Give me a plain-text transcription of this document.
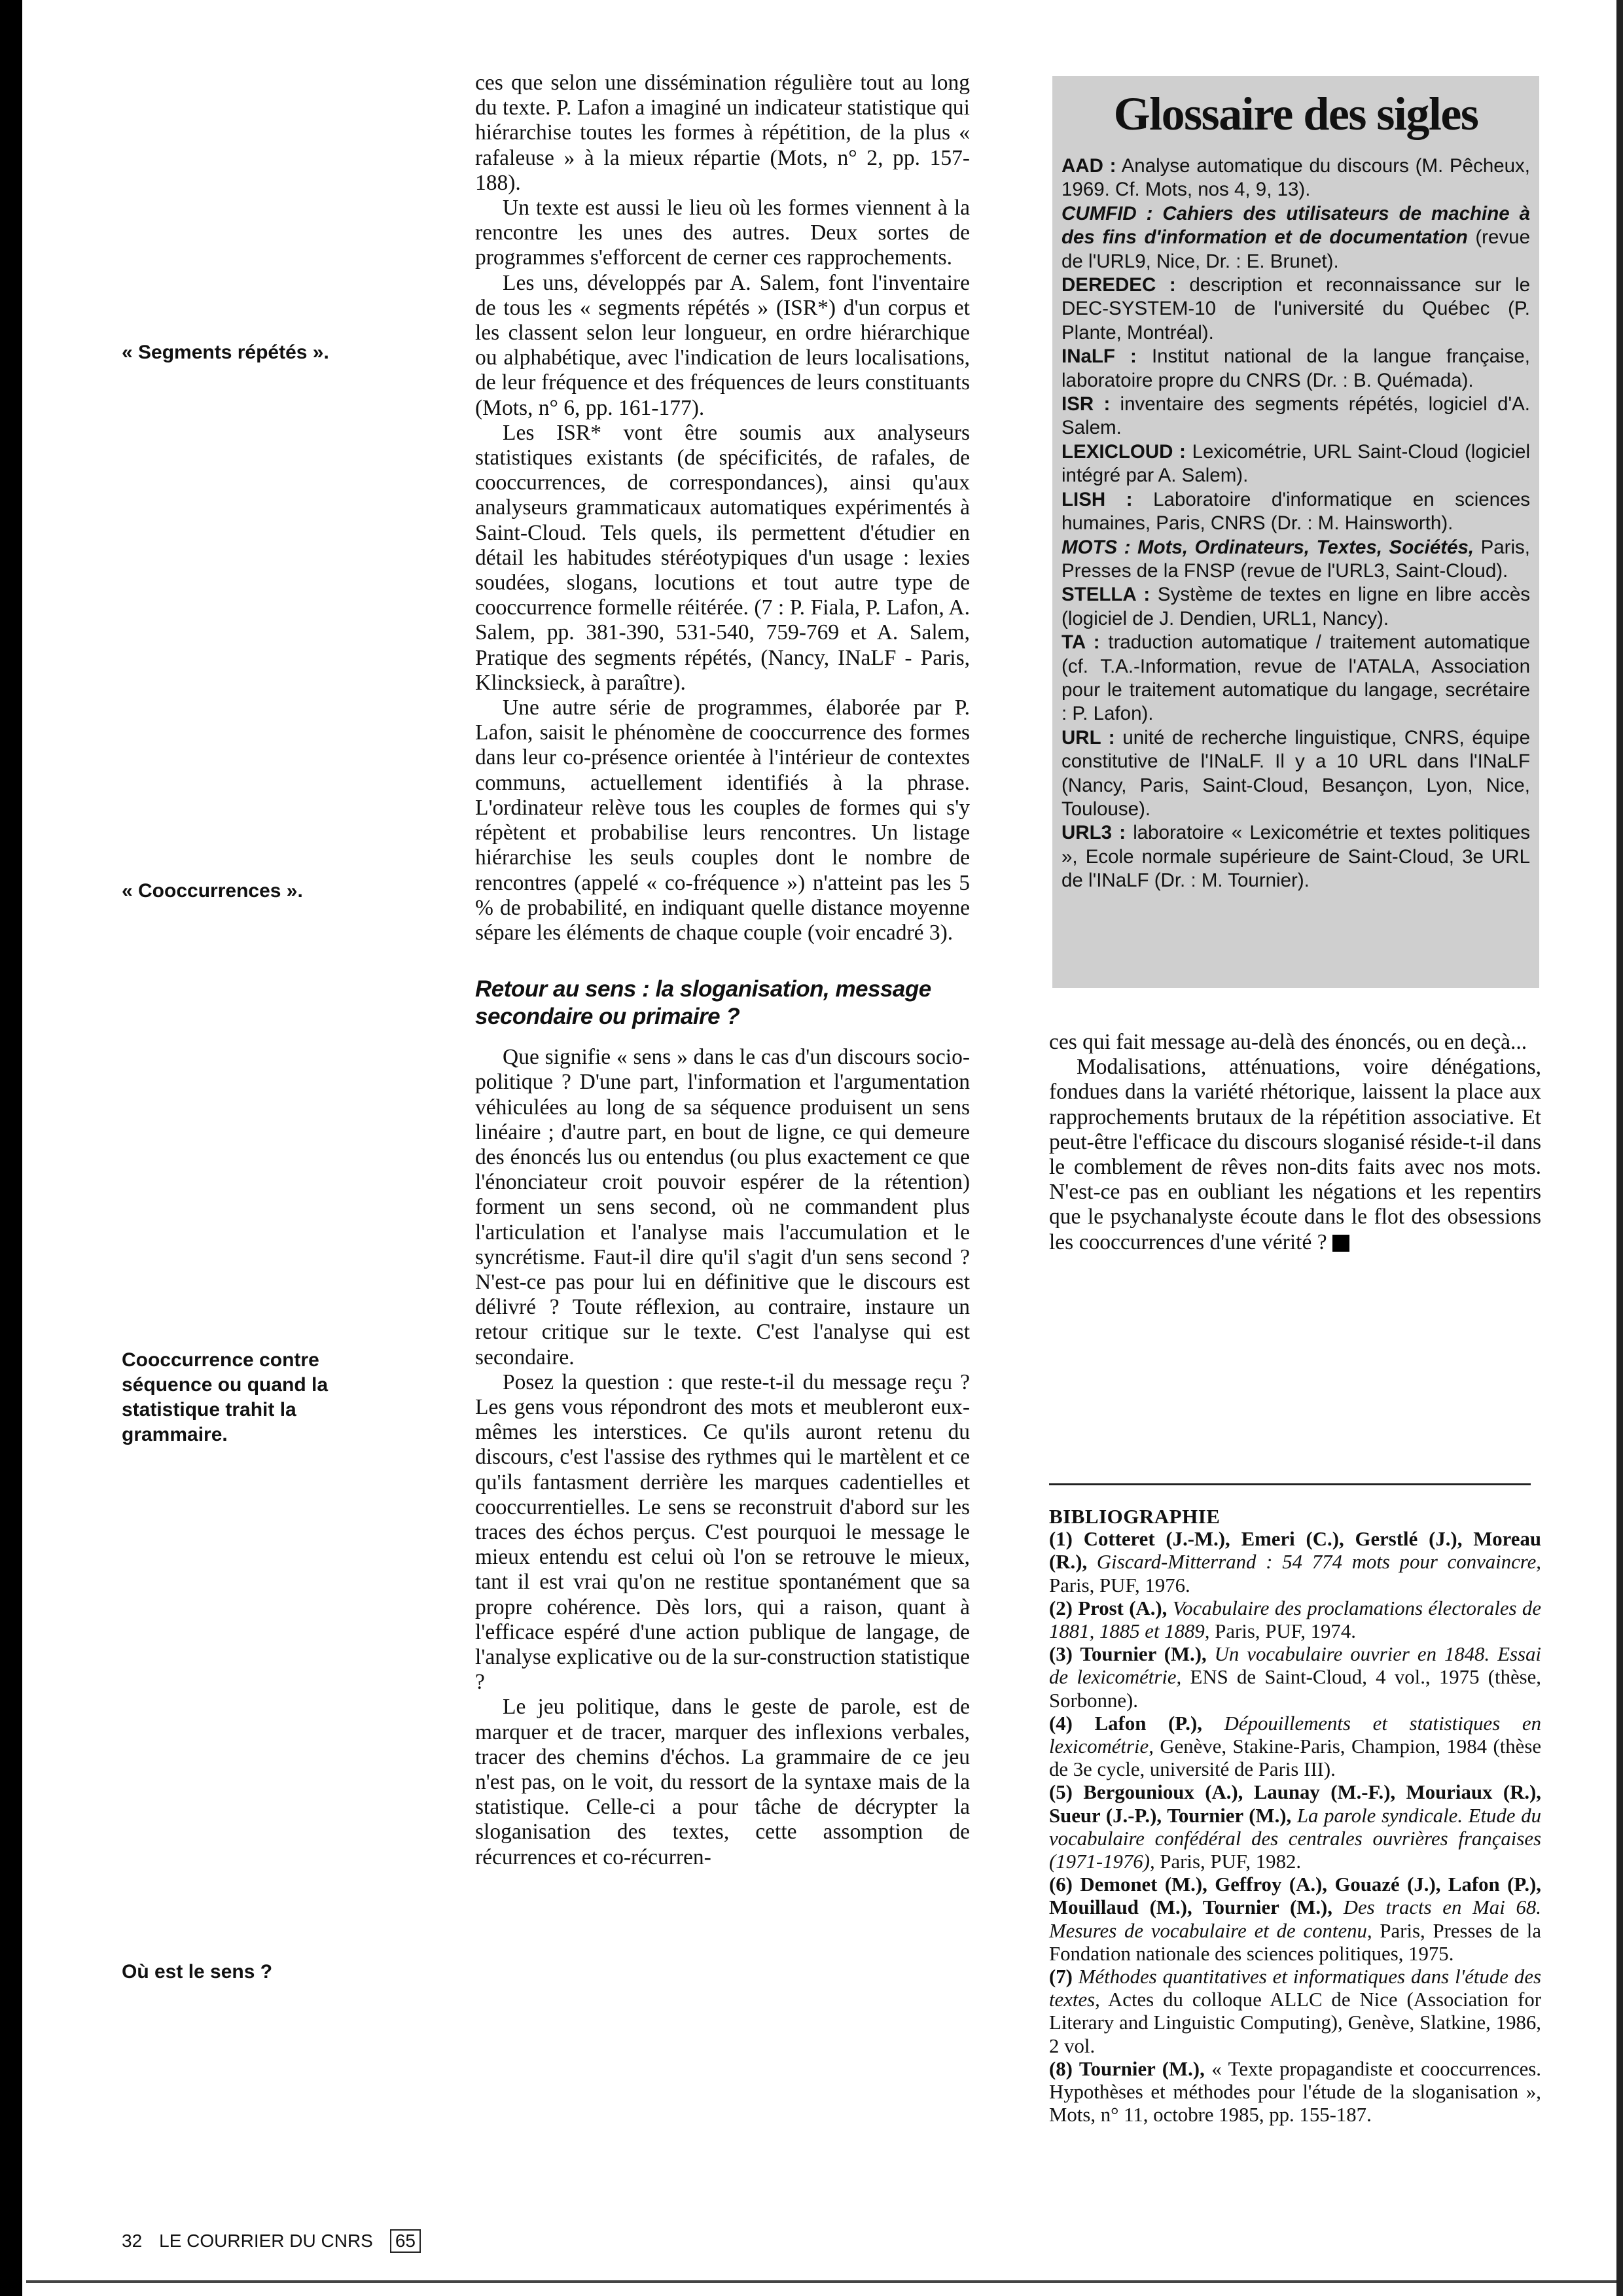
« Segments répétés ».
« Cooccurrences ».
Cooccurrence contre séquence ou quand la statistique trahit la grammaire.
Où est le sens ?

ces que selon une dissémination régulière tout au long du texte. P. Lafon a imaginé un indicateur statistique qui hiérarchise toutes les formes à répétition, de la plus « rafaleuse » à la mieux répartie (Mots, n° 2, pp. 157-188).

Un texte est aussi le lieu où les formes viennent à la rencontre les unes des autres. Deux sortes de programmes s'efforcent de cerner ces rapprochements.

Les uns, développés par A. Salem, font l'inventaire de tous les « segments répétés » (ISR*) d'un corpus et les classent selon leur longueur, en ordre hiérarchique ou alphabétique, avec l'indication de leurs localisations, de leur fréquence et des fréquences de leurs constituants (Mots, n° 6, pp. 161-177).

Les ISR* vont être soumis aux analyseurs statistiques existants (de spécificités, de rafales, de cooccurrences, de correspondances), ainsi qu'aux analyseurs grammaticaux automatiques expérimentés à Saint-Cloud. Tels quels, ils permettent d'étudier en détail les habitudes stéréotypiques d'un usage : lexies soudées, slogans, locutions et tout autre type de cooccurrence formelle réitérée. (7 : P. Fiala, P. Lafon, A. Salem, pp. 381-390, 531-540, 759-769 et A. Salem, Pratique des segments répétés, (Nancy, INaLF - Paris, Klincksieck, à paraître).

Une autre série de programmes, élaborée par P. Lafon, saisit le phénomène de cooccurrence des formes dans leur co-présence orientée à l'intérieur de contextes communs, actuellement identifiés à la phrase. L'ordinateur relève tous les couples de formes qui s'y répètent et probabilise leurs rencontres. Un listage hiérarchise les seuls couples dont le nombre de rencontres (appelé « co-fréquence ») n'atteint pas les 5 % de probabilité, en indiquant quelle distance moyenne sépare les éléments de chaque couple (voir encadré 3).

Retour au sens : la sloganisation, message secondaire ou primaire ?

Que signifie « sens » dans le cas d'un discours socio-politique ? D'une part, l'information et l'argumentation véhiculées au long de sa séquence produisent un sens linéaire ; d'autre part, en bout de ligne, ce qui demeure des énoncés lus ou entendus (ou plus exactement ce que l'énonciateur croit pouvoir espérer de la rétention) forment un sens second, où ne commandent plus l'articulation et l'analyse mais l'accumulation et le syncrétisme. Faut-il dire qu'il s'agit d'un sens second ? N'est-ce pas pour lui en définitive que le discours est délivré ? Toute réflexion, au contraire, instaure un retour critique sur le texte. C'est l'analyse qui est secondaire.

Posez la question : que reste-t-il du message reçu ? Les gens vous répondront des mots et meubleront eux-mêmes les interstices. Ce qu'ils auront retenu du discours, c'est l'assise des rythmes qui le martèlent et ce qu'ils fantasment derrière les marques cadentielles et cooccurrentielles. Le sens se reconstruit d'abord sur les traces des échos perçus. C'est pourquoi le message le mieux entendu est celui où l'on se retrouve le mieux, tant il est vrai qu'on ne restitue spontanément que sa propre cohérence. Dès lors, qui a raison, quant à l'efficace espéré d'une action publique de langage, de l'analyse explicative ou de la sur-construction statistique ?

Le jeu politique, dans le geste de parole, est de marquer et de tracer, marquer des inflexions verbales, tracer des chemins d'échos. La grammaire de ce jeu n'est pas, on le voit, du ressort de la syntaxe mais de la statistique. Celle-ci a pour tâche de décrypter la sloganisation des textes, cette assomption de récurrences et co-récurren-

Glossaire des sigles

AAD : Analyse automatique du discours (M. Pêcheux, 1969. Cf. Mots, nos 4, 9, 13).

CUMFID : Cahiers des utilisateurs de machine à des fins d'information et de documentation (revue de l'URL9, Nice, Dr. : E. Brunet).

DEREDEC : description et reconnaissance sur le DEC-SYSTEM-10 de l'université du Québec (P. Plante, Montréal).

INaLF : Institut national de la langue française, laboratoire propre du CNRS (Dr. : B. Quémada).

ISR : inventaire des segments répétés, logiciel d'A. Salem.

LEXICLOUD : Lexicométrie, URL Saint-Cloud (logiciel intégré par A. Salem).

LISH : Laboratoire d'informatique en sciences humaines, Paris, CNRS (Dr. : M. Hainsworth).

MOTS : Mots, Ordinateurs, Textes, Sociétés, Paris, Presses de la FNSP (revue de l'URL3, Saint-Cloud).

STELLA : Système de textes en ligne en libre accès (logiciel de J. Dendien, URL1, Nancy).

TA : traduction automatique / traitement automatique (cf. T.A.-Information, revue de l'ATALA, Association pour le traitement automatique du langage, secrétaire : P. Lafon).

URL : unité de recherche linguistique, CNRS, équipe constitutive de l'INaLF. Il y a 10 URL dans l'INaLF (Nancy, Paris, Saint-Cloud, Besançon, Lyon, Nice, Toulouse).

URL3 : laboratoire « Lexicométrie et textes politiques », Ecole normale supérieure de Saint-Cloud, 3e URL de l'INaLF (Dr. : M. Tournier).

ces qui fait message au-delà des énoncés, ou en deçà...

Modalisations, atténuations, voire dénégations, fondues dans la variété rhétorique, laissent la place aux rapprochements brutaux de la répétition associative. Et peut-être l'efficace du discours sloganisé réside-t-il dans le comblement de rêves non-dits faits avec nos mots. N'est-ce pas en oubliant les négations et les repentirs que le psychanalyste écoute dans le flot des obsessions les cooccurrences d'une vérité ?

BIBLIOGRAPHIE

(1) Cotteret (J.-M.), Emeri (C.), Gerstlé (J.), Moreau (R.), Giscard-Mitterrand : 54 774 mots pour convaincre, Paris, PUF, 1976.

(2) Prost (A.), Vocabulaire des proclamations électorales de 1881, 1885 et 1889, Paris, PUF, 1974.

(3) Tournier (M.), Un vocabulaire ouvrier en 1848. Essai de lexicométrie, ENS de Saint-Cloud, 4 vol., 1975 (thèse, Sorbonne).

(4) Lafon (P.), Dépouillements et statistiques en lexicométrie, Genève, Stakine-Paris, Champion, 1984 (thèse de 3e cycle, université de Paris III).

(5) Bergounioux (A.), Launay (M.-F.), Mouriaux (R.), Sueur (J.-P.), Tournier (M.), La parole syndicale. Etude du vocabulaire confédéral des centrales ouvrières françaises (1971-1976), Paris, PUF, 1982.

(6) Demonet (M.), Geffroy (A.), Gouazé (J.), Lafon (P.), Mouillaud (M.), Tournier (M.), Des tracts en Mai 68. Mesures de vocabulaire et de contenu, Paris, Presses de la Fondation nationale des sciences politiques, 1975.

(7) Méthodes quantitatives et informatiques dans l'étude des textes, Actes du colloque ALLC de Nice (Association for Literary and Linguistic Computing), Genève, Slatkine, 1986, 2 vol.

(8) Tournier (M.), « Texte propagandiste et cooccurrences. Hypothèses et méthodes pour l'étude de la sloganisation », Mots, n° 11, octobre 1985, pp. 155-187.

32 LE COURRIER DU CNRS 65
